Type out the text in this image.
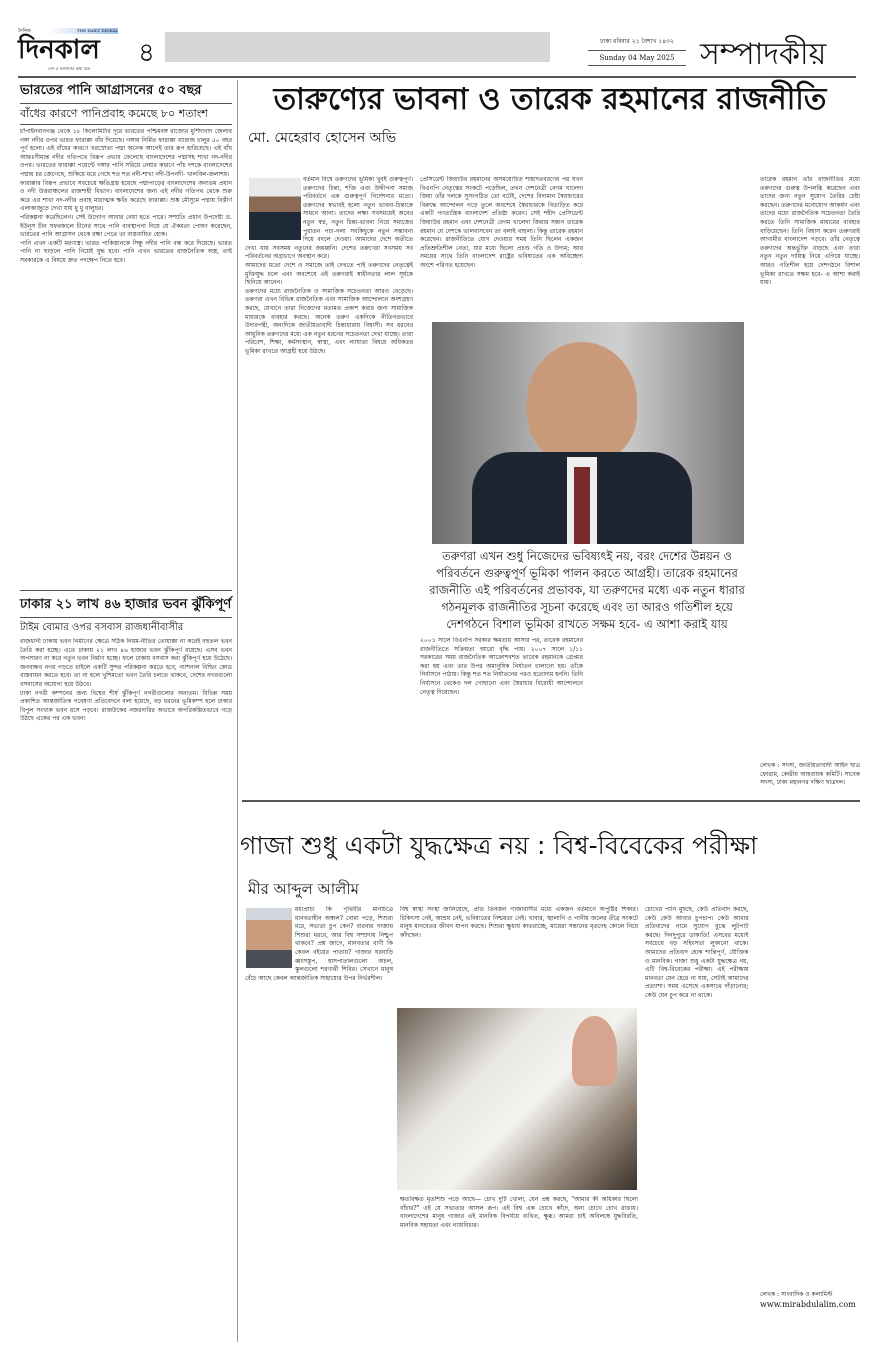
দৈনিক	THE DAILY DINKAL
দিনকাল
দেশ ও জনগণের কথা বলে
৪	ঢাকা রবিবার ২১ বৈশাখ ১৪৩২
Sunday 04 May 2025 সম্পাদকীয়
ভারতের পানি আগ্রাসনের ৫০ বছর
বাঁধের কারণে পানিপ্রবাহ কমেছে ৮০ শতাংশ

চাঁপাইনবাবগঞ্জ থেকে ১৮ কিলোমিটার দূরে ভারতের পশ্চিমবঙ্গ রাজ্যের মুর্শিদাবাদ জেলার গঙ্গা নদীর ওপর ভারত ফারাক্কা বাঁধ দিয়েছে। গঙ্গায় নির্মিত ফারাক্কা ব্যারাজ চালুর ৫০ বছর পূর্ণ হলো। এই বাঁধের কারণে খরস্রোতা পদ্মা অনেক আগেই তার রূপ হারিয়েছে। এই বাঁধ আন্তঃসীমান্ত নদীর গতিপথে বিরূপ প্রভাব ফেলেছে বাংলাদেশের পদ্মাসহ শাখা নদ-নদীর ওপর। ভারতের ফারাক্কা পয়েন্টে গঙ্গার পানি সরিয়ে নেয়ার কারণে পাঁচ দশকে বাংলাদেশের পদ্মায় চর জেগেছে, শুকিয়ে মরে গেছে শত শত নদী-শাখা নদী-উপনদী- খালবিল-জলাশয়।

ফারাক্কার বিরূপ প্রভাবে সবচেয়ে ক্ষতিগ্রস্ত হয়েছে পদ্মাপাড়ের বাংলাদেশের অন্যতম প্রধান ও নদী উত্তরাঞ্চলের রাজশাহী বিভাগ। বাংলাদেশের জন্য এই নদীর গতিপথ থেকে শুরু করে এর শাখা নদ-নদীর প্রবাহ মারাত্মক ক্ষতি করেছে ফারাক্কা। শুষ্ক মৌসুমে পদ্মায় বিস্তীর্ণ এলাকাজুড়ে দেখা যায় ধু ধু বালুচর।

পরিকল্পনা করেছিলেন। সেই উদ্যোগ আবার নেয়া হতে পারে। সম্প্রতি প্রধান উপদেষ্টা ড. ইউনূস চীন সফরকালে চীনের সাথে পানি ব্যবস্থাপনা নিয়ে যে ঐকমত্য পোষণ করেছেন, ভারতের পানি আগ্রাসন থেকে রক্ষা পেতে তা বাস্তবায়িত হোক।

পানি এখন একটি মরণাস্ত্র। ভারত পাকিস্তানকে সিন্ধু নদীর পানি বন্ধ করে দিয়েছে। ভারত পানি না ছাড়লে পানি নিয়েই যুদ্ধ হবে। পানি এখন ভারতের রাজনৈতিক অস্ত্র, তাই সরকারকে এ বিষয়ে দ্রুত পদক্ষেপ নিতে হবে।

ঢাকার ২১ লাখ ৪৬ হাজার ভবন ঝুঁকিপূর্ণ
টাইম বোমার ওপর বসবাস রাজধানীবাসীর

রাজধানী ঢাকায় ভবন নির্মাণের ক্ষেত্রে সঠিক নিয়ম-নীতির তোয়াক্কা না করেই বহুতল ভবন তৈরি করা হচ্ছে। এতে ঢাকায় ২১ লাখ ৪৬ হাজার ভবন ঝুঁকিপূর্ণ রয়েছে। এসব ভবন অপসারণ না করে নতুন ভবন নির্মাণ হচ্ছে। ফলে ঢাকায় বসবাস করা ঝুঁকিপূর্ণ হয়ে উঠেছে। জনবান্ধব নগর গড়তে চাইলে একটি সুন্দর পরিকল্পনা করতে হবে, ন্যাশনাল বিল্ডিং কোড বাস্তবায়ন করতে হবে। তা না হলে খুশিমতো ভবন তৈরি চলতে থাকবে, দেশের নগরগুলো বসবাসের অযোগ্য হয়ে উঠবে।

ঢাকা নগরী কম্পনের জন্য বিশ্বের শীর্ষ ঝুঁকিপূর্ণ নগরীগুলোর অন্যতম। বিভিন্ন সময় প্রকাশিত আন্তর্জাতিক গবেষণা প্রতিবেদনে বলা হয়েছে, বড় ধরনের ভূমিকম্প হলে ঢাকার বিপুল সংখ্যক ভবন ধসে পড়বে। রাজউকের নজরদারির অভাবে অপরিকল্পিতভাবে গড়ে উঠছে একের পর এক ভবন।

তারুণ্যের ভাবনা ও তারেক রহমানের রাজনীতি
মো. মেহেরাব হোসেন অভি

বর্তমান বিশ্বে তরুণদের ভূমিকা খুবই গুরুত্বপূর্ণ। তরুণদের চিন্তা, শক্তি এবং উদ্দীপনা সমাজ পরিবর্তনে এক গুরুত্বপূর্ণ নির্দেশনার মতো। তরুণদের স্বভাবই হলো নতুন ভাবনা-চিন্তাকে সামনে আনা। তাদের লক্ষ্য সবসময়েই অনের নতুন স্বপ্ন, নতুন চিন্তা-ভাবনা নিয়ে সমাজের পুরাতন পচা-গলা সবকিছুকে নতুন সম্ভাবনা দিয়ে বদলে দেওয়া। আমাদের দেশে অতীতে দেখা যায় সবসময় নতুনের জয়ধ্বনি। দেশের তরুণেরা সবসময় সব পরিবর্তনের অগ্রভাগে অবস্থান করে।

আমাদের মতো দেশে ও সমাজে তাই দেখতে পাই তরুণদের নেতৃত্বেই মুক্তিযুদ্ধ চলে এবং অবশেষে এই তরুণরাই স্বাধীনতার লাল সূর্যকে ছিনিয়ে আনেন।

তরুণদের মধ্যে রাজনৈতিক ও সামাজিক সচেতনতা আরও বেড়েছে। তরুণরা এখন বিভিন্ন রাজনৈতিক এবং সামাজিক আন্দোলনে অংশগ্রহণ করছে, যেখানে তারা নিজেদের মতামত প্রকাশ করার জন্য সামাজিক মাধ্যমকে ব্যবহার করছে। অনেক তরুণ একদিকে নীতিগতভাবে উদারপন্থী, অন্যদিকে জাতীয়তাবাদী চিন্তাধারায় বিশ্বাসী। সব ধরনের আধুনিক তরুণদের মধ্যে এক নতুন ধরনের সচেতনতা দেখা যাচ্ছে। তারা পরিবেশ, শিক্ষা, কর্মসংস্থান, স্বাস্থ্য, এবং ন্যায্যতা বিষয়ে অধিকতর ভূমিকা রাখতে আগ্রহী হয়ে উঠছে।

প্রেসিডেন্ট জিয়াউর রহমানের অসময়োচিত শাহাদতবরণের পর যখন বিএনপি নেতৃত্বের সংকটে পড়েছিল, তখন দেশনেত্রী বেগম খালেদা জিয়া তাঁর দলকে সুসংগঠিত তো বটেই, দেশের বিদ্যমান স্বৈরাচারের বিরুদ্ধে আন্দোলন গড়ে তুলে অবশেষে স্বৈরাচারকে বিতাড়িত করে একটি গণতান্ত্রিক বাংলাদেশ প্রতিষ্ঠা করেন। সেই শহীদ প্রেসিডেন্ট জিয়াউর রহমান এবং দেশনেত্রী বেগম খালেদা জিয়ার সন্তান তারেক রহমান যে দেশকে ভালবাসবেন তা বলাই বাহুল্য। কিন্তু তারেক রহমান করেছেন। রাজনীতিতে যোগ দেওয়ার সময় তিনি ছিলেন একজন প্রতিশ্রুতিশীল নেতা, যার মধ্যে ছিলো প্রচণ্ড গতি ও উদ্যম; আর সময়ের সাথে তিনি বাংলাদেশ রাষ্ট্রের ভবিষ্যতের এক অবিচ্ছেদ্য অংশে পরিণত হয়েছেন।

তরুণরা এখন শুধু নিজেদের ভবিষ্যৎই নয়, বরং দেশের উন্নয়ন ও পরিবর্তনে গুরুত্বপূর্ণ ভূমিকা পালন করতে আগ্রহী। তারেক রহমানের রাজনীতি এই পরিবর্তনের প্রভাবক, যা তরুণদের মধ্যে এক নতুন ধারার গঠনমূলক রাজনীতির সূচনা করেছে এবং তা আরও গতিশীল হয়ে দেশগঠনে বিশাল ভূমিকা রাখতে সক্ষম হবে- এ আশা করাই যায়

২০০১ সালে বিএনপি সরকার ক্ষমতায় আসার পর, তারেক রহমানের রাজনীতিতে সক্রিয়তা আরো বৃদ্ধি পায়। ২০০৭ সালে ১/১১ সরকারের সময় রাজনৈতিক আক্রোশবশত তারেক রহমানকে গ্রেপ্তার করা হয় এবং তার উপর অমানুষিক নির্যাতন চালানো হয়। তাঁকে নির্বাসনে পাঠায়। কিন্তু শত শত নির্যাতনের পরও হতোদ্যম হননি। তিনি নির্বাসনে থেকেও দল গোছানো এবং স্বৈরাচার বিরোধী আন্দোলনে নেতৃত্ব দিয়েছেন।

তারেক রহমান তাঁর রাজনীতির মধ্যে তরুণদের গুরুত্ব উপলব্ধি করেছেন এবং তাদের জন্য নতুন সুযোগ তৈরির চেষ্টা করছেন। তরুণদের মনোযোগ আকর্ষণ এবং তাদের মধ্যে রাজনৈতিক সচেতনতা তৈরি করতে তিনি সামাজিক মাধ্যমের ব্যবহার বাড়িয়েছেন। তিনি বিশ্বাস করেন তরুণরাই আগামীর বাংলাদেশ গড়বে। তাঁর নেতৃত্বে তরুণদের অন্তর্ভুক্তি বাড়ছে এবং তারা নতুন নতুন দায়িত্ব নিয়ে এগিয়ে যাচ্ছে। আরও গতিশীল হয়ে দেশগঠনে বিশাল ভূমিকা রাখতে সক্ষম হবে- এ আশা করাই যায়।

লেখক : সদস্য, জাতীয়তাবাদী আইন ছাত্র ফোরাম, কেন্দ্রীয় আহবায়ক কমিটি। সাবেক সদস্য, ঢাকা মহানগর দক্ষিণ ছাত্রদল।
গাজা শুধু একটা যুদ্ধক্ষেত্র নয় : বিশ্ব-বিবেকের পরীক্ষা
মীর আব্দুল আলীম

মধ্যপ্রাচ্য কি পৃথিবীর মানচিত্রে মানবতাহীন অঞ্চল? বোমা পড়ে, শিশুরা মরে, সভ্যতা চুপ কেন? বারবার গাজায় শিশুরা মরবে, আর বিশ্ব সম্প্রদায় নিশ্চুপ থাকবে? প্রশ্ন জাগে, মানবতার বাণী কি কেবল বইয়ের পাতায়? গাজার ঘরবাড়ি ধ্বংসস্তূপ, হাসপাতালগুলো অচল, স্কুলগুলো শরণার্থী শিবির। সেখানে মানুষ বেঁচে আছে কেবল আন্তর্জাতিক সাহায্যের উপর নির্ভরশীল।

বিশ্ব স্বাস্থ্য সংস্থা জানিয়েছে, প্রতি তিনজন গাজাবাসীর মধ্যে একজন বর্তমানে অপুষ্টির শিকার। চিকিৎসা নেই, আশ্রয় নেই, ভবিষ্যতের নিশ্চয়তা নেই। খাবার, জ্বালানি ও পানীয় জলের তীব্র সংকটে মানুষ মানবেতর জীবন যাপন করছে। শিশুরা ক্ষুধায় কাতরাচ্ছে, মায়েরা সন্তানের মৃতদেহ কোলে নিয়ে কাঁদছেন।

ক্ষতবিক্ষত মৃতশিশু পড়ে আছে— চোখ দুটি খোলা, যেন প্রশ্ন করছে, "আমার কী অধিকার ছিলো বাঁচার?" এই যে সভ্যতার আসল রূপ। এই বিশ্ব এক চোখে কাঁদে, অন্য চোখে চোখ রাঙায়। বাংলাদেশের মানুষ গাজার এই মানবিক বিপর্যয়ে ব্যথিত, ক্ষুব্ধ। আমরা চাই অবিলম্বে যুদ্ধবিরতি, মানবিক সহায়তা এবং ন্যায়বিচার।

চোখের পানি মুছছে, কেউ প্রতিবাদ করছে, কেউ কেউ আবার চুপচাপ। কেউ আবার প্রতিবাদের নামে সুযোগ বুঝে লুটপাট করছে। দিনদুপুরে ডাকাতি! এসবের মধ্যেই সবচেয়ে বড় সহিংসতা লুকানো থাকে। আমাদের প্রতিবাদ হোক শান্তিপূর্ণ, যৌক্তিক ও মানবিক। গাজা শুধু একটা যুদ্ধক্ষেত্র নয়, এটি বিশ্ব-বিবেকের পরীক্ষা। এই পরীক্ষায় মানবতা যেন হেরে না যায়, সেটাই আমাদের প্রত্যাশা। সময় এসেছে একসাথে দাঁড়ানোর; কেউ যেন চুপ করে না থাকে।

লেখক : সাংবাদিক ও কলামিস্ট
www.mirabdulalim.com
